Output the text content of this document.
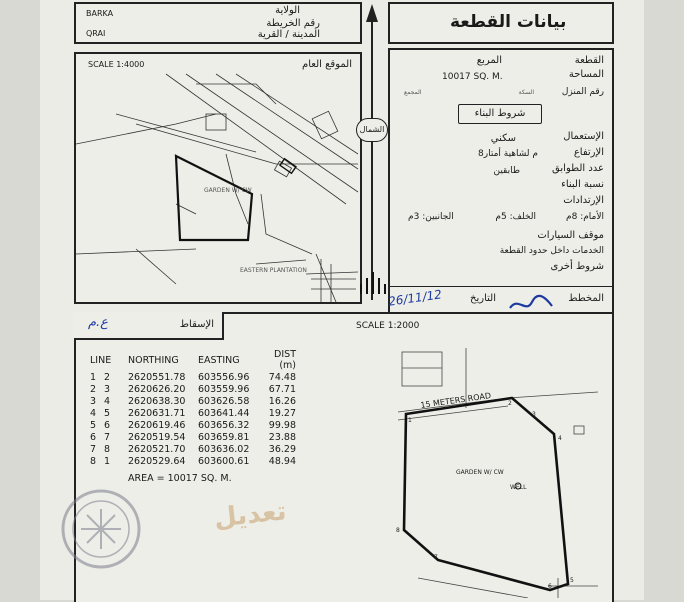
BARKA	الولاية
رقم الخريطة
QRAI	المدينة / القرية
بيانات القطعة
SCALE 1:4000	الموقع العام
GARDEN W/ CW
EASTERN PLANTATION
الشمال
القطعة
المربع
المساحة
10017 SQ. M.
رقم المنزل
السكة
المجمع
شروط البناء
الإستعمال
سكني
الإرتفاع
8م لشاهية أمتار
عدد الطوابق
طابقين
نسبة البناء
الإرتدادات
الأمام: 8م
الخلف: 5م
الجانبين: 3م
موقف السيارات
الخدمات داخل حدود القطعة
شروط أخرى
المخطط
التاريخ
26/11/12
SCALE 1:2000
الإسقاط
ع.م
LINE		NORTHING	EASTING	DIST (m)
1	2	2620551.78	603556.96	74.48
2	3	2620626.20	603559.96	67.71
3	4	2620638.30	603626.58	16.26
4	5	2620631.71	603641.44	19.27
5	6	2620619.46	603656.32	99.98
6	7	2620519.54	603659.81	23.88
7	8	2620521.70	603636.02	36.29
8	1	2620529.64	603600.61	48.94
AREA = 10017 SQ. M.
15 METERS ROAD
GARDEN W/ CW
WELL
1
2
3
4
5
6
7
8
تعديل
